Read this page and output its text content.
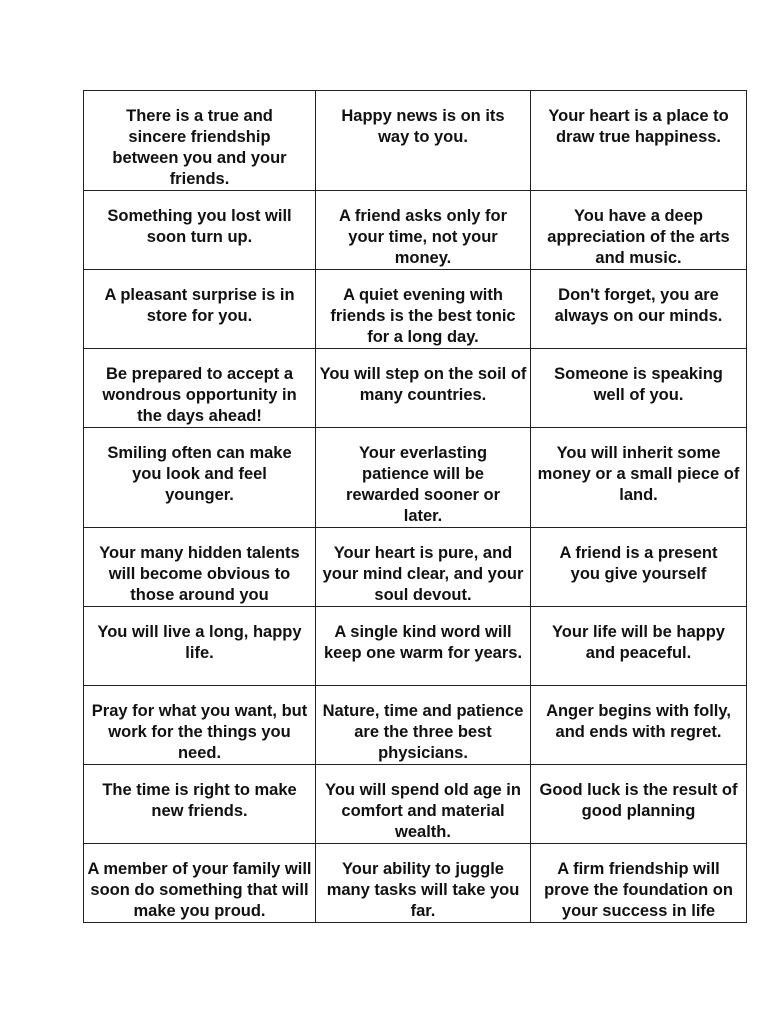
There is a true and sincere friendship between you and your friends.	Happy news is on its way to you.	Your heart is a place to draw true happiness.
Something you lost will soon turn up.	A friend asks only for your time, not your money.	You have a deep appreciation of the arts and music.
A pleasant surprise is in store for you.	A quiet evening with friends is the best tonic for a long day.	Don't forget, you are always on our minds.
Be prepared to accept a wondrous opportunity in the days ahead!	You will step on the soil of many countries.	Someone is speaking well of you.
Smiling often can make you look and feel younger.	Your everlasting patience will be rewarded sooner or later.	You will inherit some money or a small piece of land.
Your many hidden talents will become obvious to those around you	Your heart is pure, and your mind clear, and your soul devout.	A friend is a present you give yourself
You will live a long, happy life.	A single kind word will keep one warm for years.	Your life will be happy and peaceful.
Pray for what you want, but work for the things you need.	Nature, time and patience are the three best physicians.	Anger begins with folly, and ends with regret.
The time is right to make new friends.	You will spend old age in comfort and material wealth.	Good luck is the result of good planning
A member of your family will soon do something that will make you proud.	Your ability to juggle many tasks will take you far.	A firm friendship will prove the foundation on your success in life
